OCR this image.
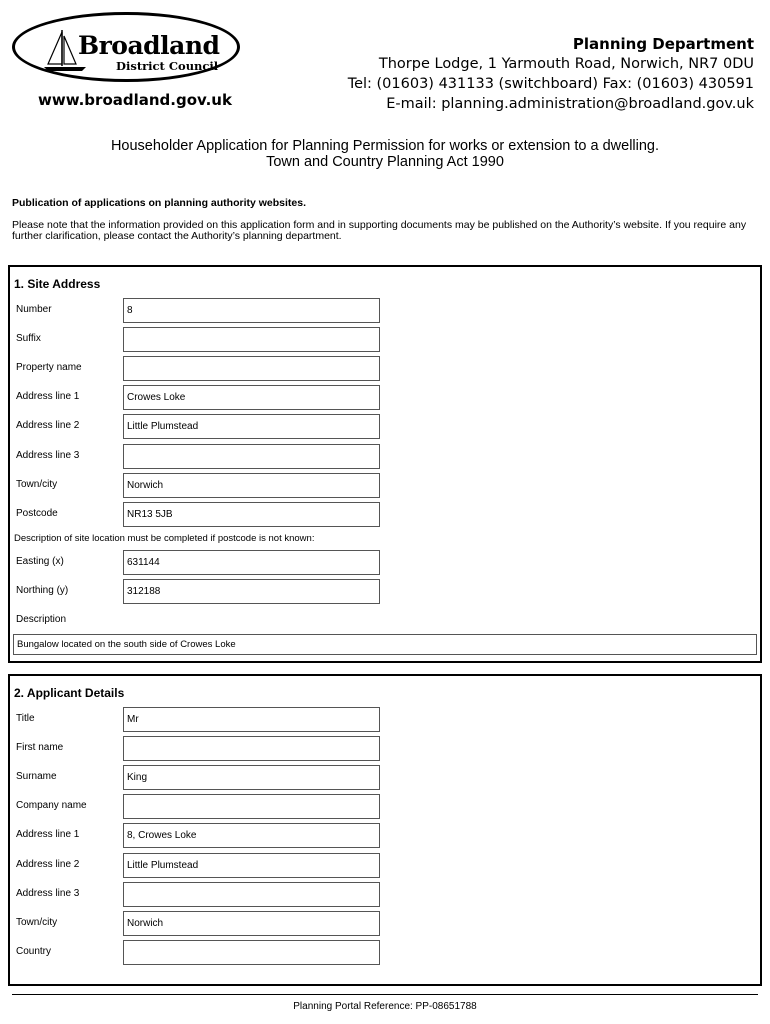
Broadland
District Council
www.broadland.gov.uk
Planning Department
Thorpe Lodge, 1 Yarmouth Road, Norwich, NR7 0DU
Tel: (01603) 431133 (switchboard) Fax: (01603) 430591
E-mail: planning.administration@broadland.gov.uk
Householder Application for Planning Permission for works or extension to a dwelling.
Town and Country Planning Act 1990
Publication of applications on planning authority websites.
Please note that the information provided on this application form and in supporting documents may be published on the Authority’s website. If you require any further clarification, please contact the Authority’s planning department.
1. Site Address
Number	8
Suffix
Property name
Address line 1	Crowes Loke
Address line 2	Little Plumstead
Address line 3
Town/city	Norwich
Postcode	NR13 5JB
Description of site location must be completed if postcode is not known:
Easting (x)	631144
Northing (y)	312188
Description
Bungalow located on the south side of Crowes Loke
2. Applicant Details
Title	Mr
First name
Surname	King
Company name
Address line 1	8, Crowes Loke
Address line 2	Little Plumstead
Address line 3
Town/city	Norwich
Country
Planning Portal Reference: PP-08651788
